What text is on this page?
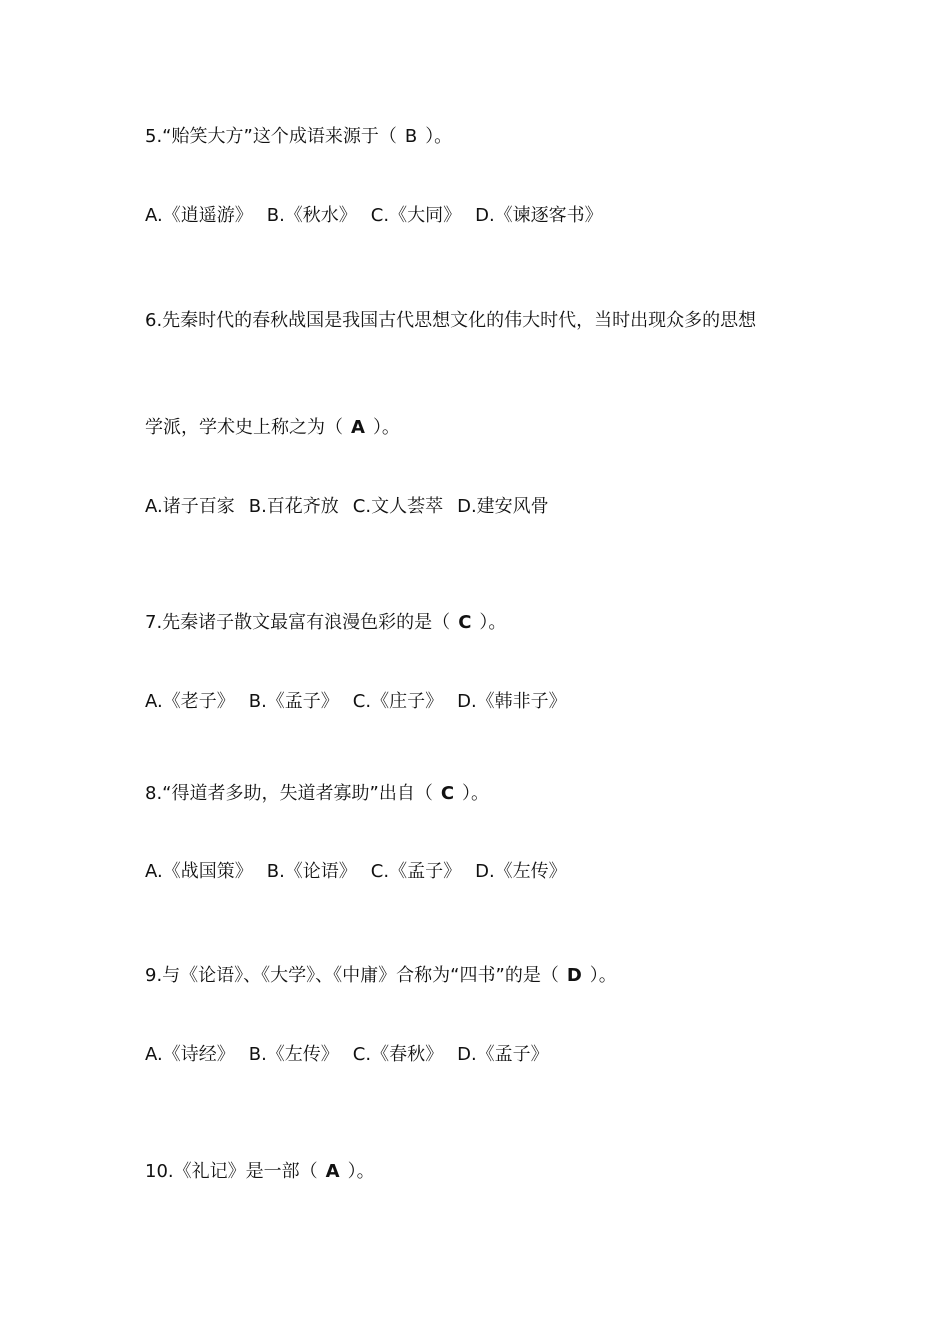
5.“贻笑大方”这个成语来源于（ B ）。
A.《逍遥游》 B.《秋水》 C.《大同》 D.《谏逐客书》
6.先秦时代的春秋战国是我国古代思想文化的伟大时代，当时出现众多的思想
学派，学术史上称之为（ A ）。
A.诸子百家 B.百花齐放 C.文人荟萃 D.建安风骨
7.先秦诸子散文最富有浪漫色彩的是（ C ）。
A.《老子》 B.《孟子》 C.《庄子》 D.《韩非子》
8.“得道者多助，失道者寡助”出自（ C ）。
A.《战国策》 B.《论语》 C.《孟子》 D.《左传》
9.与《论语》、《大学》、《中庸》合称为“四书”的是（ D ）。
A.《诗经》 B.《左传》 C.《春秋》 D.《孟子》
10.《礼记》是一部（ A ）。
